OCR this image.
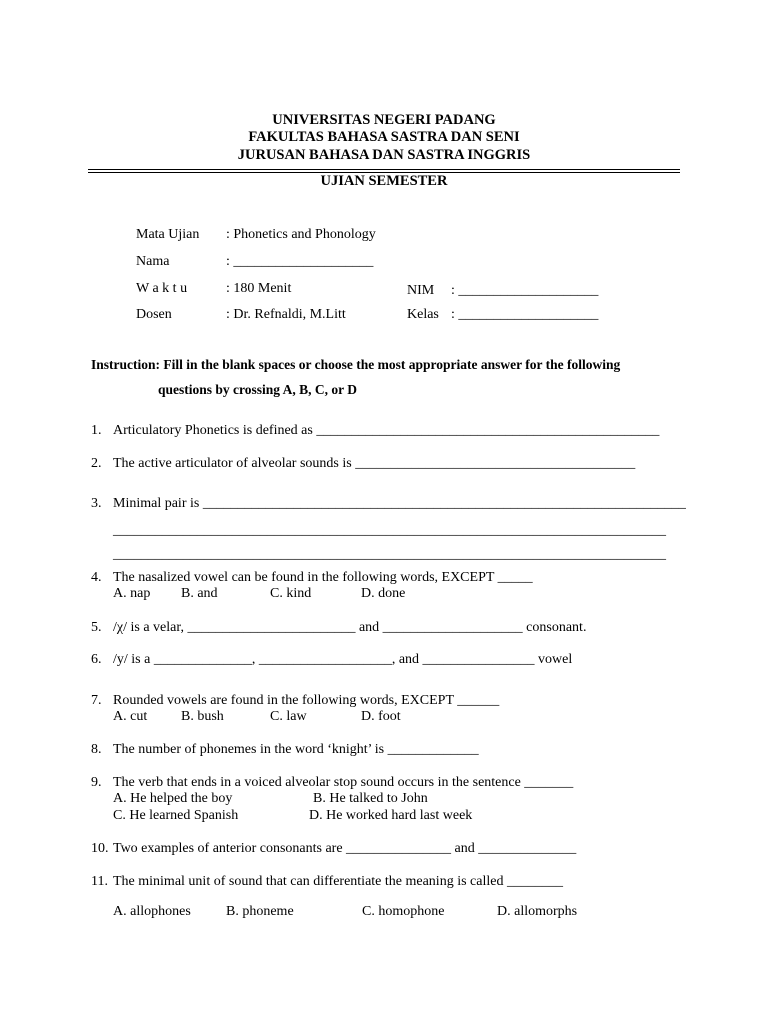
UNIVERSITAS NEGERI PADANG
FAKULTAS BAHASA SASTRA DAN SENI
JURUSAN BAHASA DAN SASTRA INGGRIS
UJIAN SEMESTER
Mata Ujian : Phonetics and Phonology
Nama	: ____________________
W a k t u	: 180 Menit	NIM : ____________________
Dosen	: Dr. Refnaldi, M.Litt	Kelas : ____________________
Instruction: Fill in the blank spaces or choose the most appropriate answer for the following
questions by crossing A, B, C, or D
1. Articulatory Phonetics is defined as _________________________________________________
2. The active articulator of alveolar sounds is ________________________________________
3. Minimal pair is _____________________________________________________________________
_______________________________________________________________________________
_______________________________________________________________________________
4. The nasalized vowel can be found in the following words, EXCEPT _____
A. nap B. and	C. kind	D. done
5. /χ/ is a velar, ________________________ and ____________________ consonant.
6. /y/ is a ______________, ___________________, and ________________ vowel
7. Rounded vowels are found in the following words, EXCEPT ______
A. cut B. bush	C. law	D. foot
8. The number of phonemes in the word ‘knight’ is _____________
9. The verb that ends in a voiced alveolar stop sound occurs in the sentence _______
A. He helped the boy	B. He talked to John
C. He learned Spanish	D. He worked hard last week
10. Two examples of anterior consonants are _______________ and ______________
11. The minimal unit of sound that can differentiate the meaning is called ________
A. allophones	B. phoneme	C. homophone	D. allomorphs
